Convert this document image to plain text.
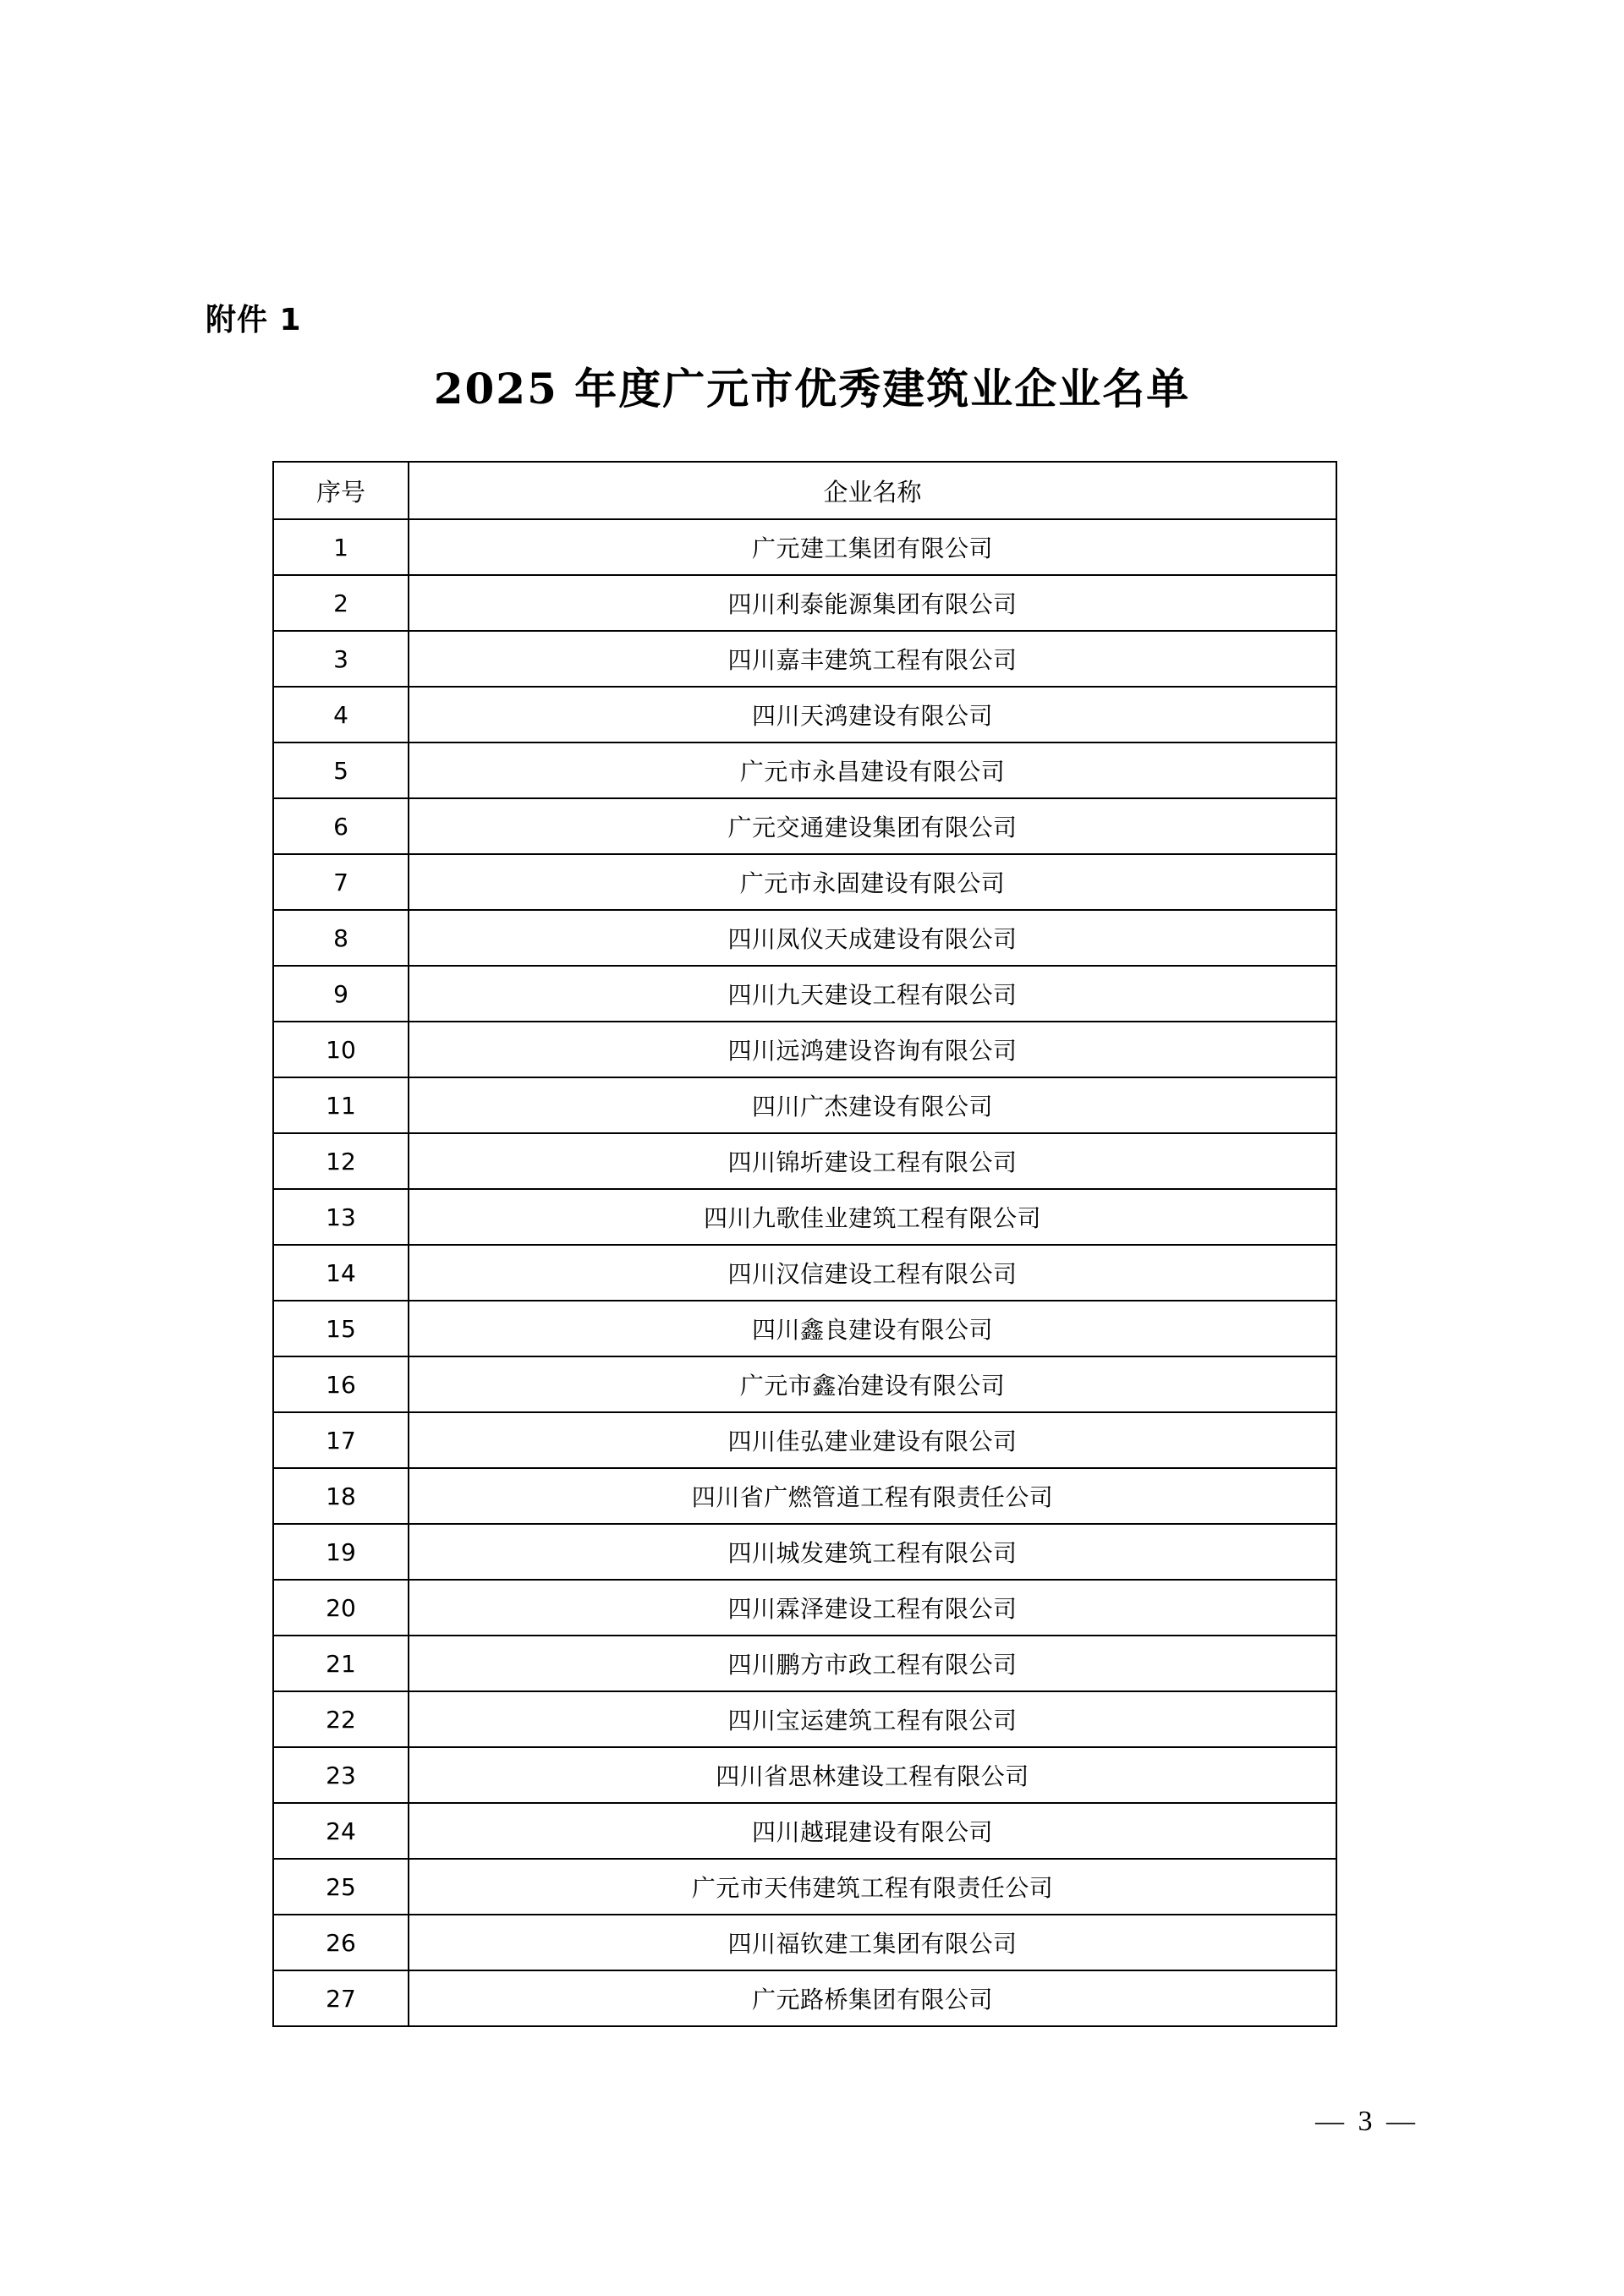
附件 1
2025 年度广元市优秀建筑业企业名单
序号	企业名称
1	广元建工集团有限公司
2	四川利泰能源集团有限公司
3	四川嘉丰建筑工程有限公司
4	四川天鸿建设有限公司
5	广元市永昌建设有限公司
6	广元交通建设集团有限公司
7	广元市永固建设有限公司
8	四川凤仪天成建设有限公司
9	四川九天建设工程有限公司
10	四川远鸿建设咨询有限公司
11	四川广杰建设有限公司
12	四川锦圻建设工程有限公司
13	四川九歌佳业建筑工程有限公司
14	四川汉信建设工程有限公司
15	四川鑫良建设有限公司
16	广元市鑫冶建设有限公司
17	四川佳弘建业建设有限公司
18	四川省广燃管道工程有限责任公司
19	四川城发建筑工程有限公司
20	四川霖泽建设工程有限公司
21	四川鹏方市政工程有限公司
22	四川宝运建筑工程有限公司
23	四川省思林建设工程有限公司
24	四川越琨建设有限公司
25	广元市天伟建筑工程有限责任公司
26	四川福钦建工集团有限公司
27	广元路桥集团有限公司
— 3 —
